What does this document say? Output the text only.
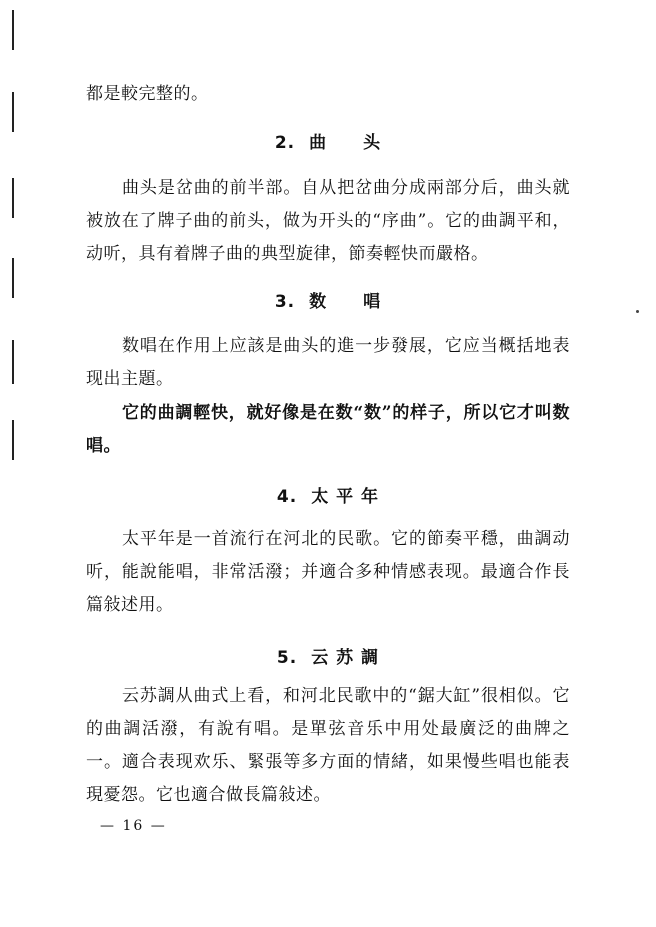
都是較完整的。
2. 曲　　头
曲头是岔曲的前半部。自从把岔曲分成兩部分后，曲头就被放在了牌子曲的前头，做为开头的“序曲”。它的曲調平和，动听，具有着牌子曲的典型旋律，節奏輕快而嚴格。
3. 数　　唱
数唱在作用上应該是曲头的進一步發展，它应当概括地表现出主題。
它的曲調輕快，就好像是在数“数”的样子，所以它才叫数唱。
4. 太 平 年
太平年是一首流行在河北的民歌。它的節奏平穩，曲調动听，能說能唱，非常活潑；并適合多种情感表现。最適合作長篇敍述用。
5. 云 苏 調
云苏調从曲式上看，和河北民歌中的“鋸大缸”很相似。它的曲調活潑，有說有唱。是單弦音乐中用处最廣泛的曲牌之一。適合表现欢乐、緊張等多方面的情緒，如果慢些唱也能表現憂怨。它也適合做長篇敍述。
— 16 —
